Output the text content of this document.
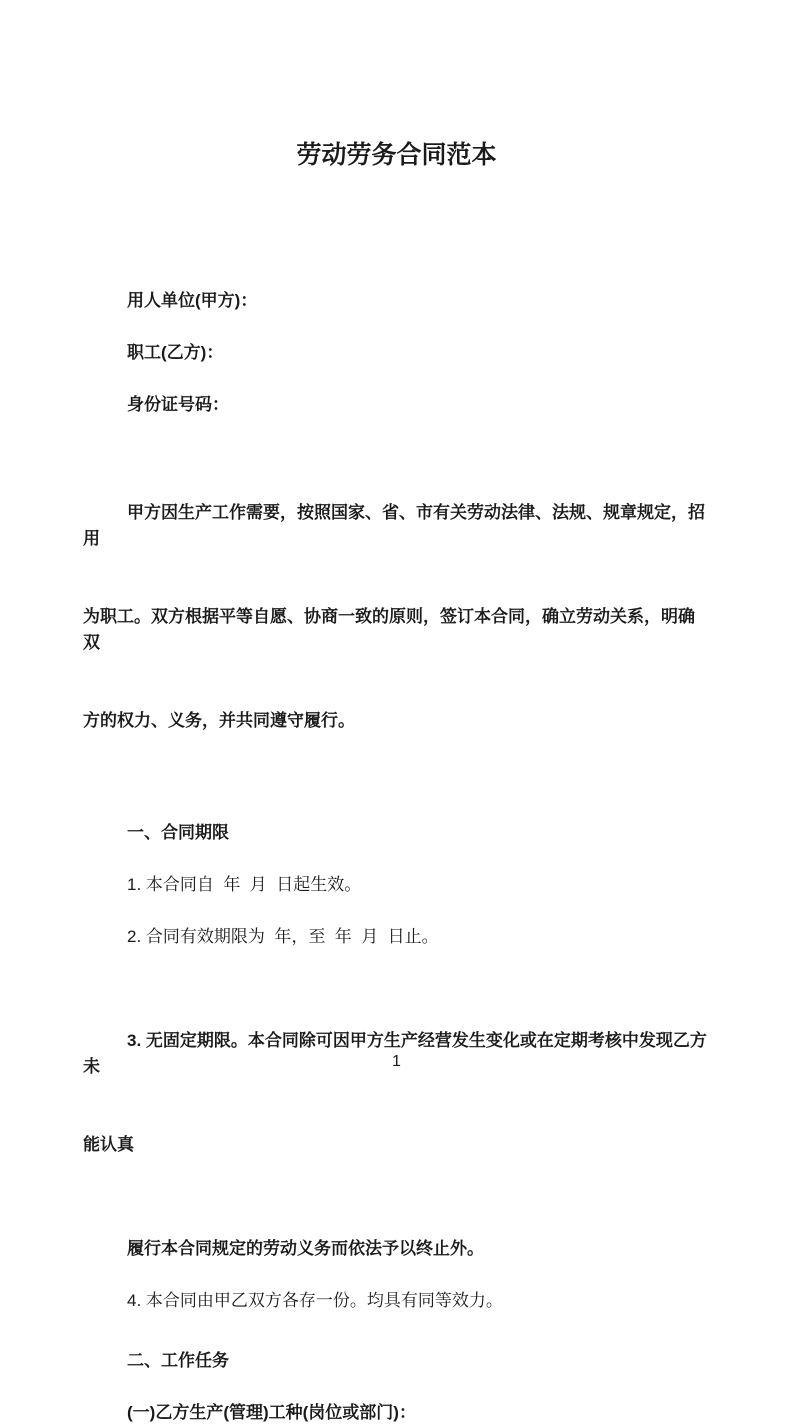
劳动劳务合同范本

用人单位(甲方)：

职工(乙方)：

身份证号码：

甲方因生产工作需要，按照国家、省、市有关劳动法律、法规、规章规定，招用

为职工。双方根据平等自愿、协商一致的原则，签订本合同，确立劳动关系，明确双

方的权力、义务，并共同遵守履行。

一、合同期限

1. 本合同自  年  月  日起生效。

2. 合同有效期限为  年，至  年  月  日止。

3. 无固定期限。本合同除可因甲方生产经营发生变化或在定期考核中发现乙方未

能认真

履行本合同规定的劳动义务而依法予以终止外。

4. 本合同由甲乙双方各存一份。均具有同等效力。

二、工作任务

(一)乙方生产(管理)工种(岗位或部门)：

1
